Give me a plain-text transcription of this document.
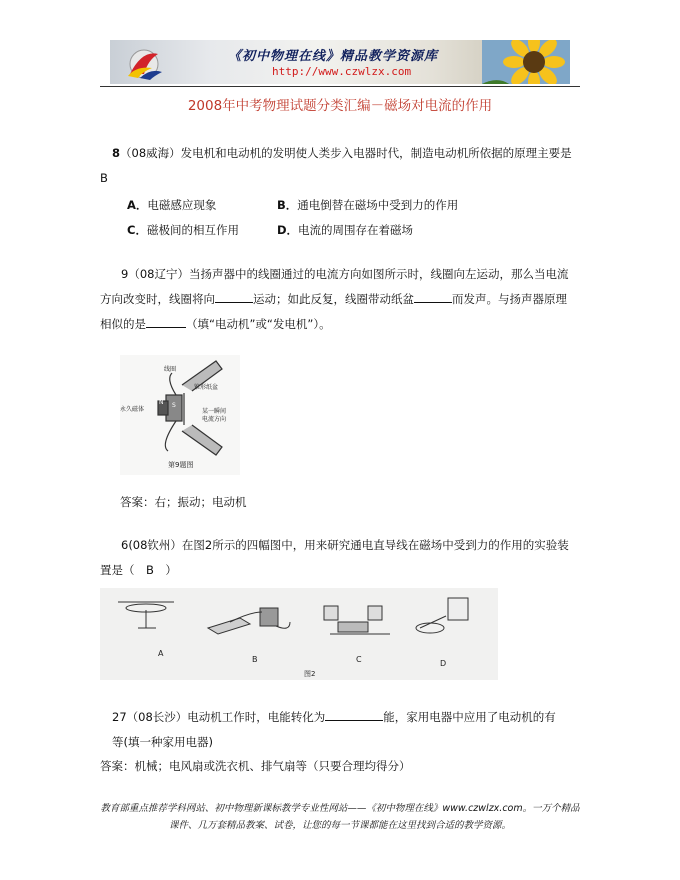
《初中物理在线》精品教学资源库
http://www.czwlzx.com
2008年中考物理试题分类汇编－磁场对电流的作用
8（08威海）发电机和电动机的发明使人类步入电器时代，制造电动机所依据的原理主要是
B
A．电磁感应现象	B．通电倒替在磁场中受到力的作用
C．磁极间的相互作用	D．电流的周围存在着磁场
9（08辽宁）当扬声器中的线圈通过的电流方向如图所示时，线圈向左运动，那么当电流
方向改变时，线圈将向	运动；如此反复，线圈带动纸盆	而发声。与扬声器原理
相似的是	（填“电动机”或“发电机”）。
线圈
锥形纸盆
永久磁体	某一瞬间
电流方向
N S
第9题图
答案：右；振动；电动机
6(08钦州）在图2所示的四幅图中，用来研究通电直导线在磁场中受到力的作用的实验装
置是（　B　）
A
B	C	D
图2
27（08长沙）电动机工作时，电能转化为	能，家用电器中应用了电动机的有
等(填一种家用电器)
答案：机械；电风扇或洗衣机、排气扇等（只要合理均得分）
教育部重点推荐学科网站、初中物理新课标教学专业性网站——《初中物理在线》www.czwlzx.com。一万个精品
课件、几万套精品教案、试卷，让您的每一节课都能在这里找到合适的教学资源。
